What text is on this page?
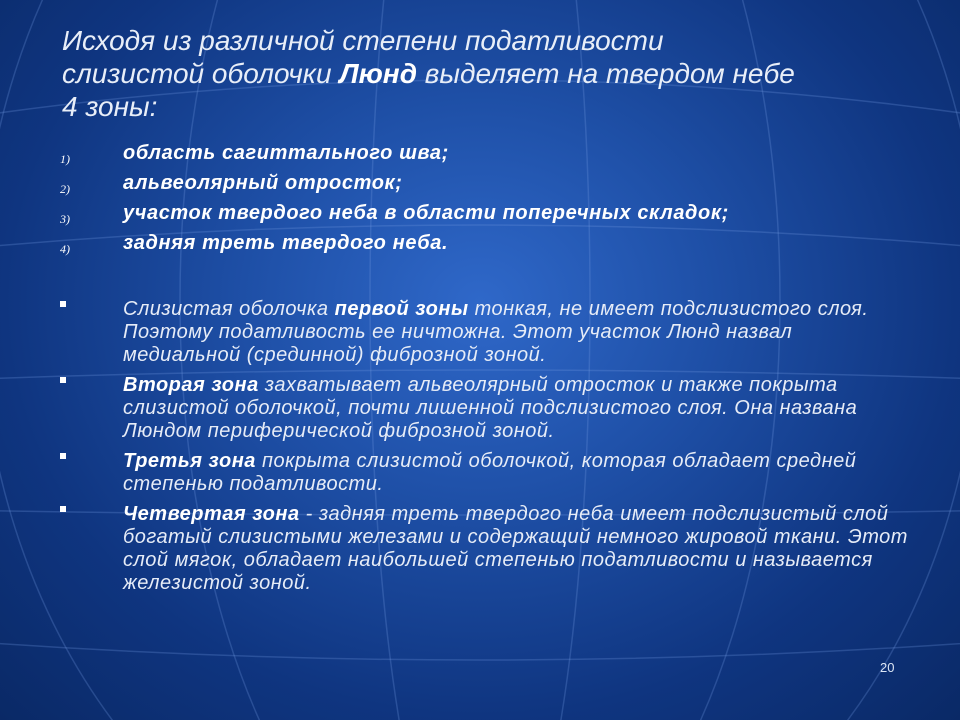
Исходя из различной степени податливости
слизистой оболочки Люнд выделяет на твердом небе
4 зоны:
1)	область сагиттального шва;
2)	альвеолярный отросток;
3)	участок твердого неба в области поперечных складок;
4)	задняя треть твердого неба.
Слизистая оболочка первой зоны тонкая, не имеет подслизистого слоя. Поэтому податливость ее ничтожна. Этот участок Люнд назвал медиальной (срединной) фиброзной зоной.
Вторая зона захватывает альвеолярный отросток и также покрыта слизистой оболочкой, почти лишенной подслизистого слоя. Она названа Люндом периферической фиброзной зоной.
Третья зона покрыта слизистой оболочкой, которая обладает средней степенью податливости.
Четвертая зона - задняя треть твердого неба имеет подслизистый слой богатый слизистыми железами и содержащий немного жировой ткани. Этот слой мягок, обладает наибольшей степенью податливости и называется железистой зоной.
20
